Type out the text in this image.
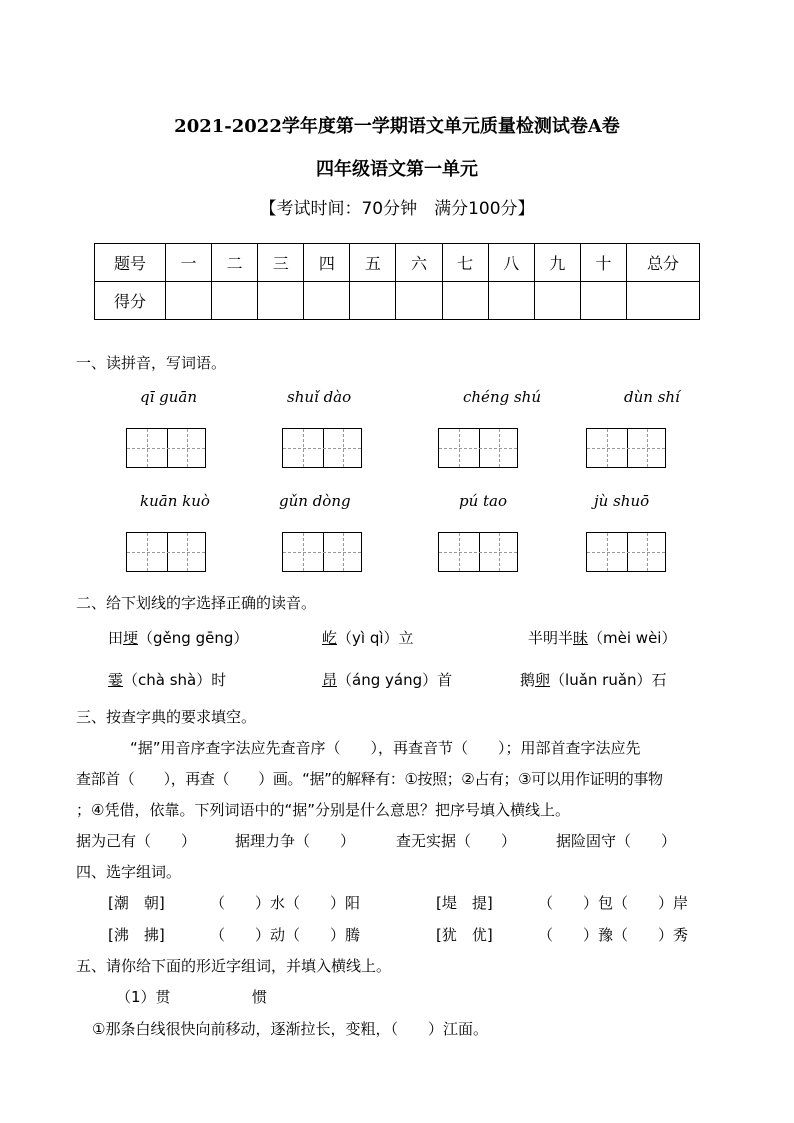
2021-2022学年度第一学期语文单元质量检测试卷A卷
四年级语文第一单元
【考试时间：70分钟　满分100分】
题号	一	二	三	四	五	六	七	八	九	十	总分
得分											
一、读拼音，写词语。
qī guān	shuǐ dào	chéng shú	dùn shí
kuān kuò	gǔn dòng	pú tao	jù shuō
二、给下划线的字选择正确的读音。
田埂（gěng gēng）	屹（yì qì）立	半明半昧（mèi wèi）
霎（chà shà）时	昂（áng yáng）首	鹅卵（luǎn ruǎn）石
三、按查字典的要求填空。
“据”用音序查字法应先查音序（　　），再查音节（　　）；用部首查字法应先
查部首（　　），再查（　　）画。“据”的解释有：①按照；②占有；③可以用作证明的事物
；④凭借，依靠。下列词语中的“据”分别是什么意思？把序号填入横线上。
据为己有（　　）	据理力争（　　）	查无实据（　　）	据险固守（　　）
四、选字组词。
[潮　朝]	（　　）水（　　）阳	[堤　提]	（　　）包（　　）岸
[沸　拂]	（　　）动（　　）腾	[犹　优]	（　　）豫（　　）秀
五、请你给下面的形近字组词，并填入横线上。
（1）贯	惯
①那条白线很快向前移动，逐渐拉长，变粗，（　　）江面。
